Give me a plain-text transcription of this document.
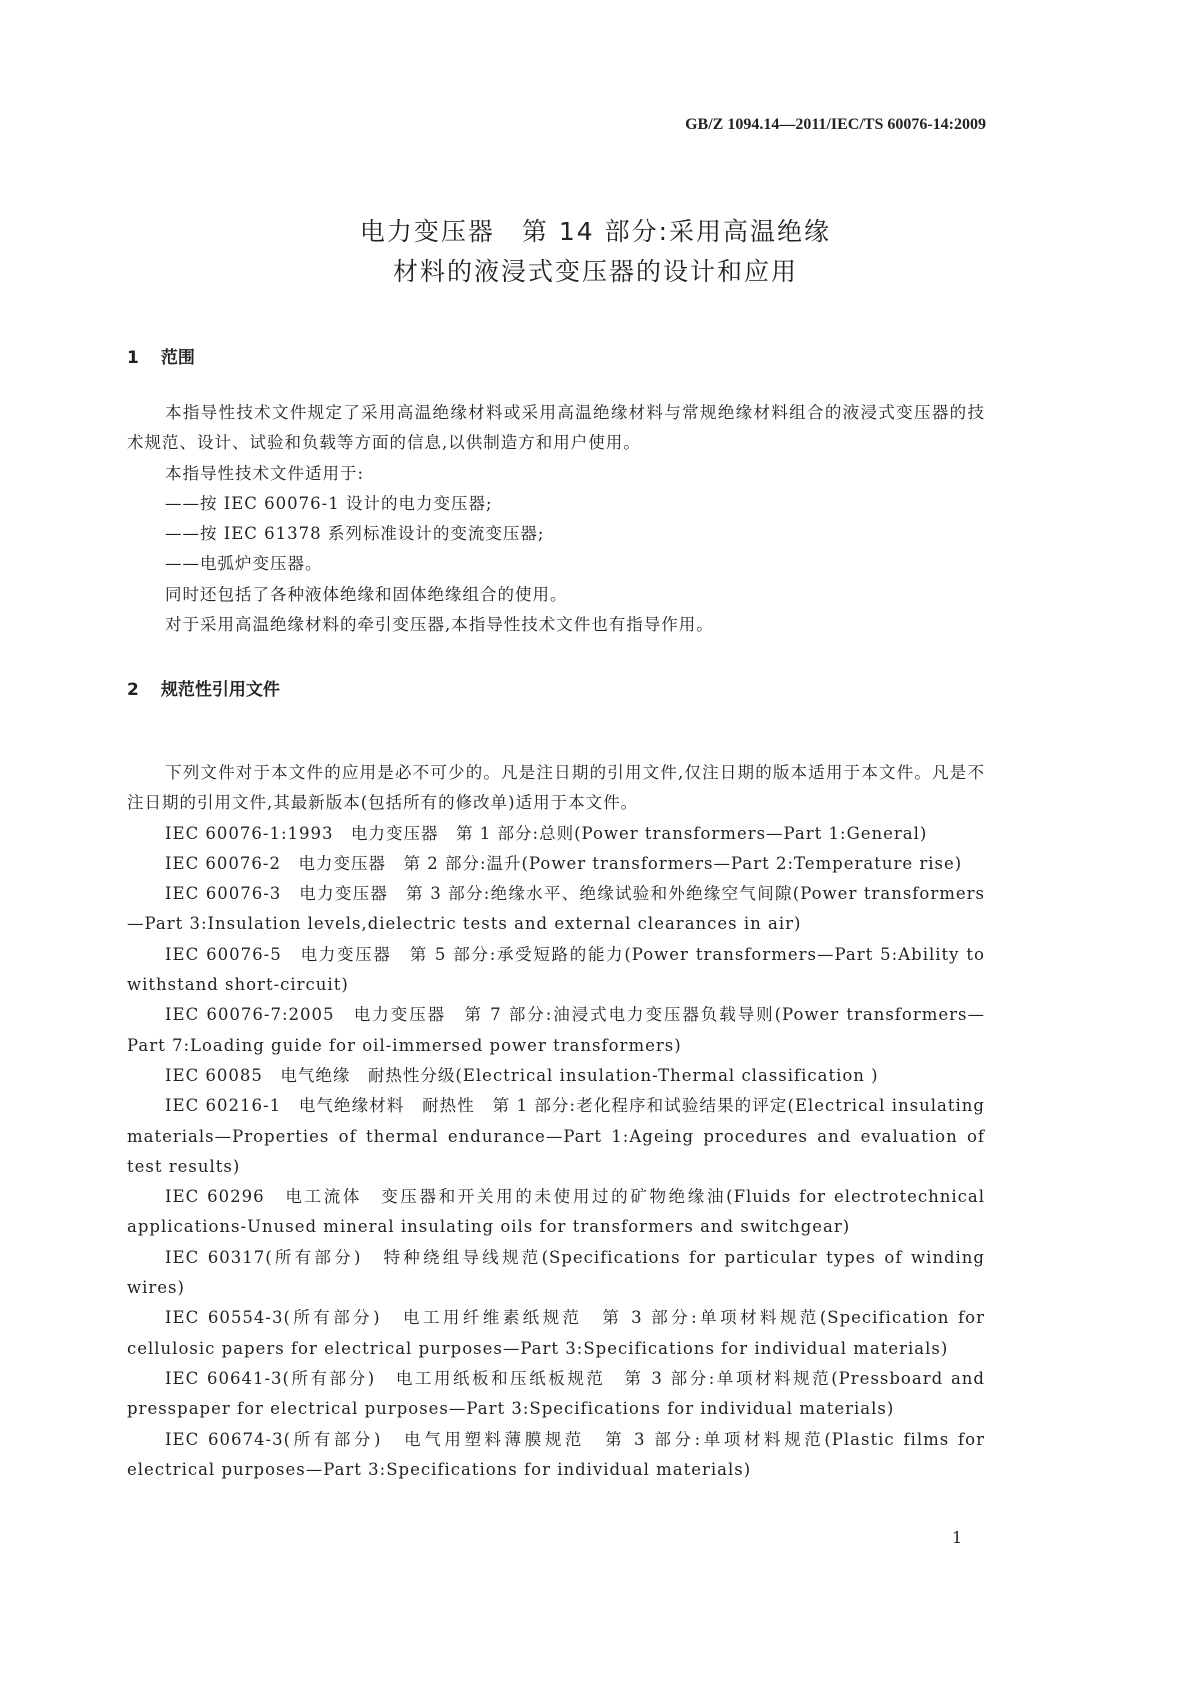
GB/Z 1094.14—2011/IEC/TS 60076-14:2009
电力变压器　第 14 部分:采用高温绝缘
材料的液浸式变压器的设计和应用
1 范围

本指导性技术文件规定了采用高温绝缘材料或采用高温绝缘材料与常规绝缘材料组合的液浸式变压器的技术规范、设计、试验和负载等方面的信息,以供制造方和用户使用。

本指导性技术文件适用于:

——按 IEC 60076-1 设计的电力变压器;

——按 IEC 61378 系列标准设计的变流变压器;

——电弧炉变压器。

同时还包括了各种液体绝缘和固体绝缘组合的使用。

对于采用高温绝缘材料的牵引变压器,本指导性技术文件也有指导作用。

2 规范性引用文件

下列文件对于本文件的应用是必不可少的。凡是注日期的引用文件,仅注日期的版本适用于本文件。凡是不注日期的引用文件,其最新版本(包括所有的修改单)适用于本文件。

IEC 60076-1:1993　电力变压器　第 1 部分:总则(Power transformers—Part 1:General)

IEC 60076-2　电力变压器　第 2 部分:温升(Power transformers—Part 2:Temperature rise)

IEC 60076-3　电力变压器　第 3 部分:绝缘水平、绝缘试验和外绝缘空气间隙(Power transformers—Part 3:Insulation levels,dielectric tests and external clearances in air)

IEC 60076-5　电力变压器　第 5 部分:承受短路的能力(Power transformers—Part 5:Ability to withstand short-circuit)

IEC 60076-7:2005　电力变压器　第 7 部分:油浸式电力变压器负载导则(Power transformers—Part 7:Loading guide for oil-immersed power transformers)

IEC 60085　电气绝缘　耐热性分级(Electrical insulation-Thermal classification )

IEC 60216-1　电气绝缘材料　耐热性　第 1 部分:老化程序和试验结果的评定(Electrical insulating materials—Properties of thermal endurance—Part 1:Ageing procedures and evaluation of test results)

IEC 60296　电工流体　变压器和开关用的未使用过的矿物绝缘油(Fluids for electrotechnical applications-Unused mineral insulating oils for transformers and switchgear)

IEC 60317(所有部分)　特种绕组导线规范(Specifications for particular types of winding wires)

IEC 60554-3(所有部分)　电工用纤维素纸规范　第 3 部分:单项材料规范(Specification for cellulosic papers for electrical purposes—Part 3:Specifications for individual materials)

IEC 60641-3(所有部分)　电工用纸板和压纸板规范　第 3 部分:单项材料规范(Pressboard and presspaper for electrical purposes—Part 3:Specifications for individual materials)

IEC 60674-3(所有部分)　电气用塑料薄膜规范　第 3 部分:单项材料规范(Plastic films for electrical purposes—Part 3:Specifications for individual materials)

1
